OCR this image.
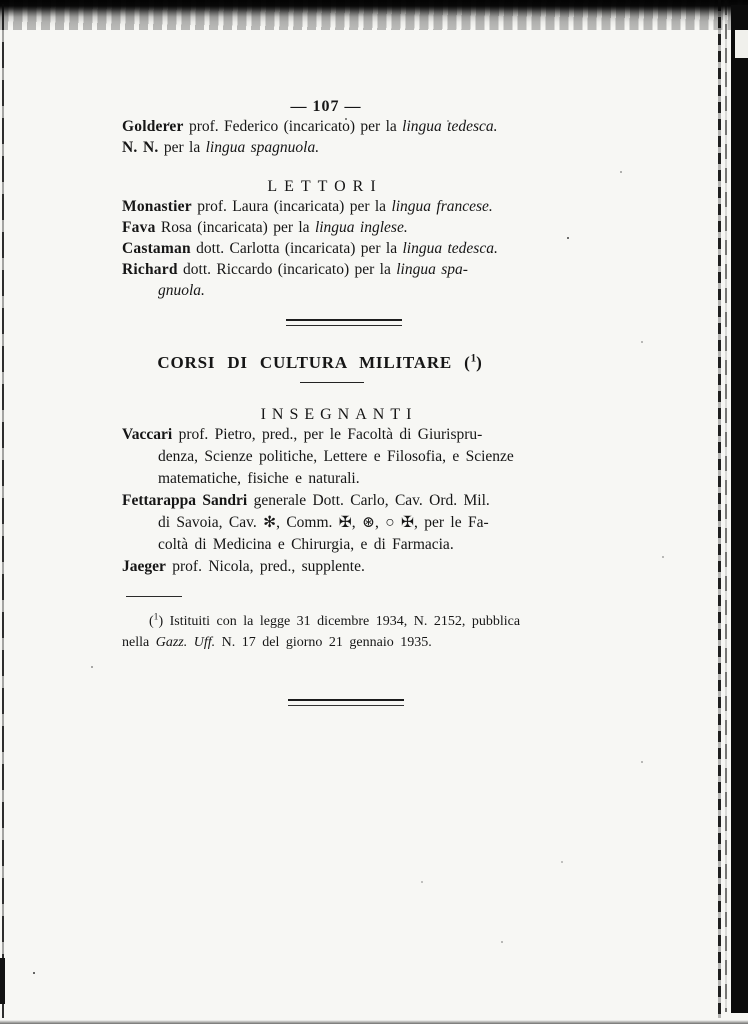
— 107 —

Golderer prof. Federico (incaricato) per la lingua tedesca.

N. N. per la lingua spagnuola.

LETTORI

Monastier prof. Laura (incaricata) per la lingua francese.

Fava Rosa (incaricata) per la lingua inglese.

Castaman dott. Carlotta (incaricata) per la lingua tedesca.

Richard dott. Riccardo (incaricato) per la lingua spa-
gnuola.

CORSI DI CULTURA MILITARE ($^1$)
INSEGNANTI

Vaccari prof. Pietro, pred., per le Facoltà di Giurispru-
denza, Scienze politiche, Lettere e Filosofia, e Scienze
matematiche, fisiche e naturali.

Fettarappa Sandri generale Dott. Carlo, Cav. Ord. Mil.
di Savoia, Cav. ✻, Comm. ✠, ⊛, ○ ✠, per le Fa-
coltà di Medicina e Chirurgia, e di Farmacia.

Jaeger prof. Nicola, pred., supplente.

($^1$) Istituiti con la legge 31 dicembre 1934, N. 2152, pubblica
nella Gazz. Uff. N. 17 del giorno 21 gennaio 1935.
